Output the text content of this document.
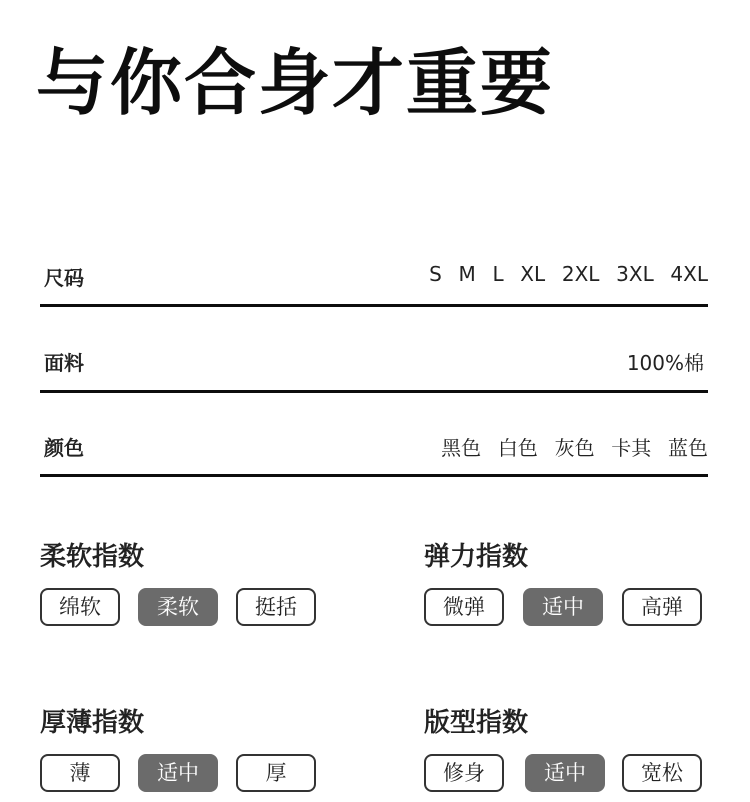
与你合身才重要
尺码	S  M  L  XL  2XL  3XL  4XL
面料	100%棉
颜色	黑色  白色  灰色  卡其  蓝色
柔软指数
绵软	柔软	挺括
弹力指数
微弹	适中	高弹
厚薄指数
薄	适中	厚
版型指数
修身	适中	宽松
